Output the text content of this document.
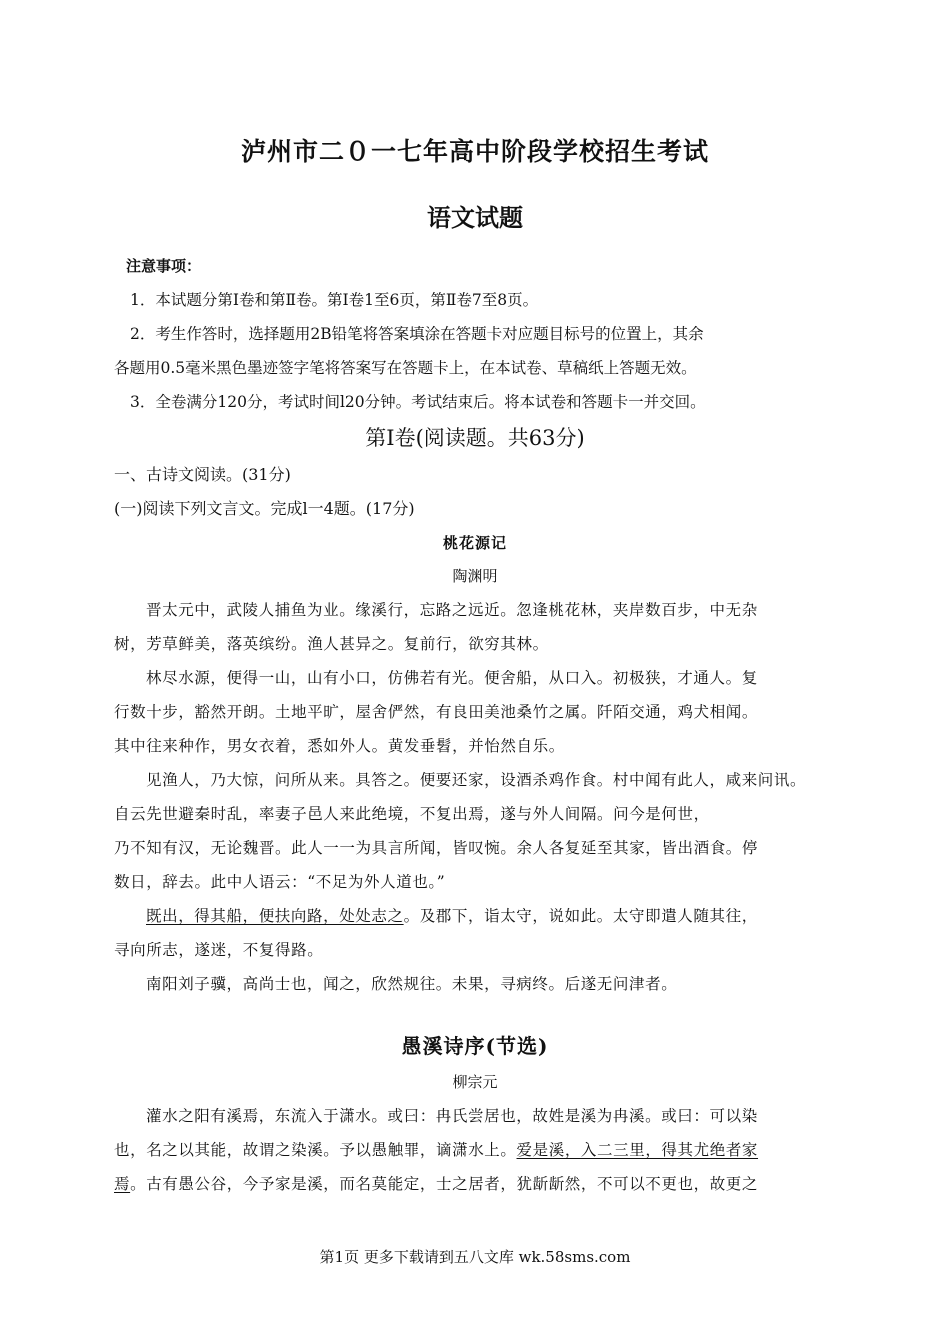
泸州市二０一七年高中阶段学校招生考试
语文试题
注意事项：
1．本试题分第Ⅰ卷和第Ⅱ卷。第Ⅰ卷1至6页，第Ⅱ卷7至8页。
2．考生作答时，选择题用2B铅笔将答案填涂在答题卡对应题目标号的位置上，其余
各题用0.5毫米黑色墨迹签字笔将答案写在答题卡上，在本试卷、草稿纸上答题无效。
3．全卷满分120分，考试时间l20分钟。考试结束后。将本试卷和答题卡一并交回。
第Ⅰ卷(阅读题。共63分)
一、古诗文阅读。(31分)
(一)阅读下列文言文。完成l一4题。(17分)
桃花源记
陶渊明
晋太元中，武陵人捕鱼为业。缘溪行，忘路之远近。忽逢桃花林，夹岸数百步，中无杂
树，芳草鲜美，落英缤纷。渔人甚异之。复前行，欲穷其林。
林尽水源，便得一山，山有小口，仿佛若有光。便舍船，从口入。初极狭，才通人。复
行数十步，豁然开朗。土地平旷，屋舍俨然，有良田美池桑竹之属。阡陌交通，鸡犬相闻。
其中往来种作，男女衣着，悉如外人。黄发垂髫，并怡然自乐。
见渔人，乃大惊，问所从来。具答之。便要还家，设酒杀鸡作食。村中闻有此人，咸来问讯。
自云先世避秦时乱，率妻子邑人来此绝境，不复出焉，遂与外人间隔。问今是何世，
乃不知有汉，无论魏晋。此人一一为具言所闻，皆叹惋。余人各复延至其家，皆出酒食。停
数日，辞去。此中人语云：“不足为外人道也。”
既出，得其船，便扶向路，处处志之。及郡下，诣太守，说如此。太守即遣人随其往，
寻向所志，遂迷，不复得路。
南阳刘子骥，高尚士也，闻之，欣然规往。未果，寻病终。后遂无问津者。
愚溪诗序(节选)
柳宗元
灌水之阳有溪焉，东流入于潇水。或曰：冉氏尝居也，故姓是溪为冉溪。或曰：可以染
也，名之以其能，故谓之染溪。予以愚触罪，谪潇水上。爱是溪，入二三里，得其尤绝者家
焉。古有愚公谷，今予家是溪，而名莫能定，士之居者，犹龂龂然，不可以不更也，故更之
第1页 更多下载请到五八文库 wk.58sms.com
